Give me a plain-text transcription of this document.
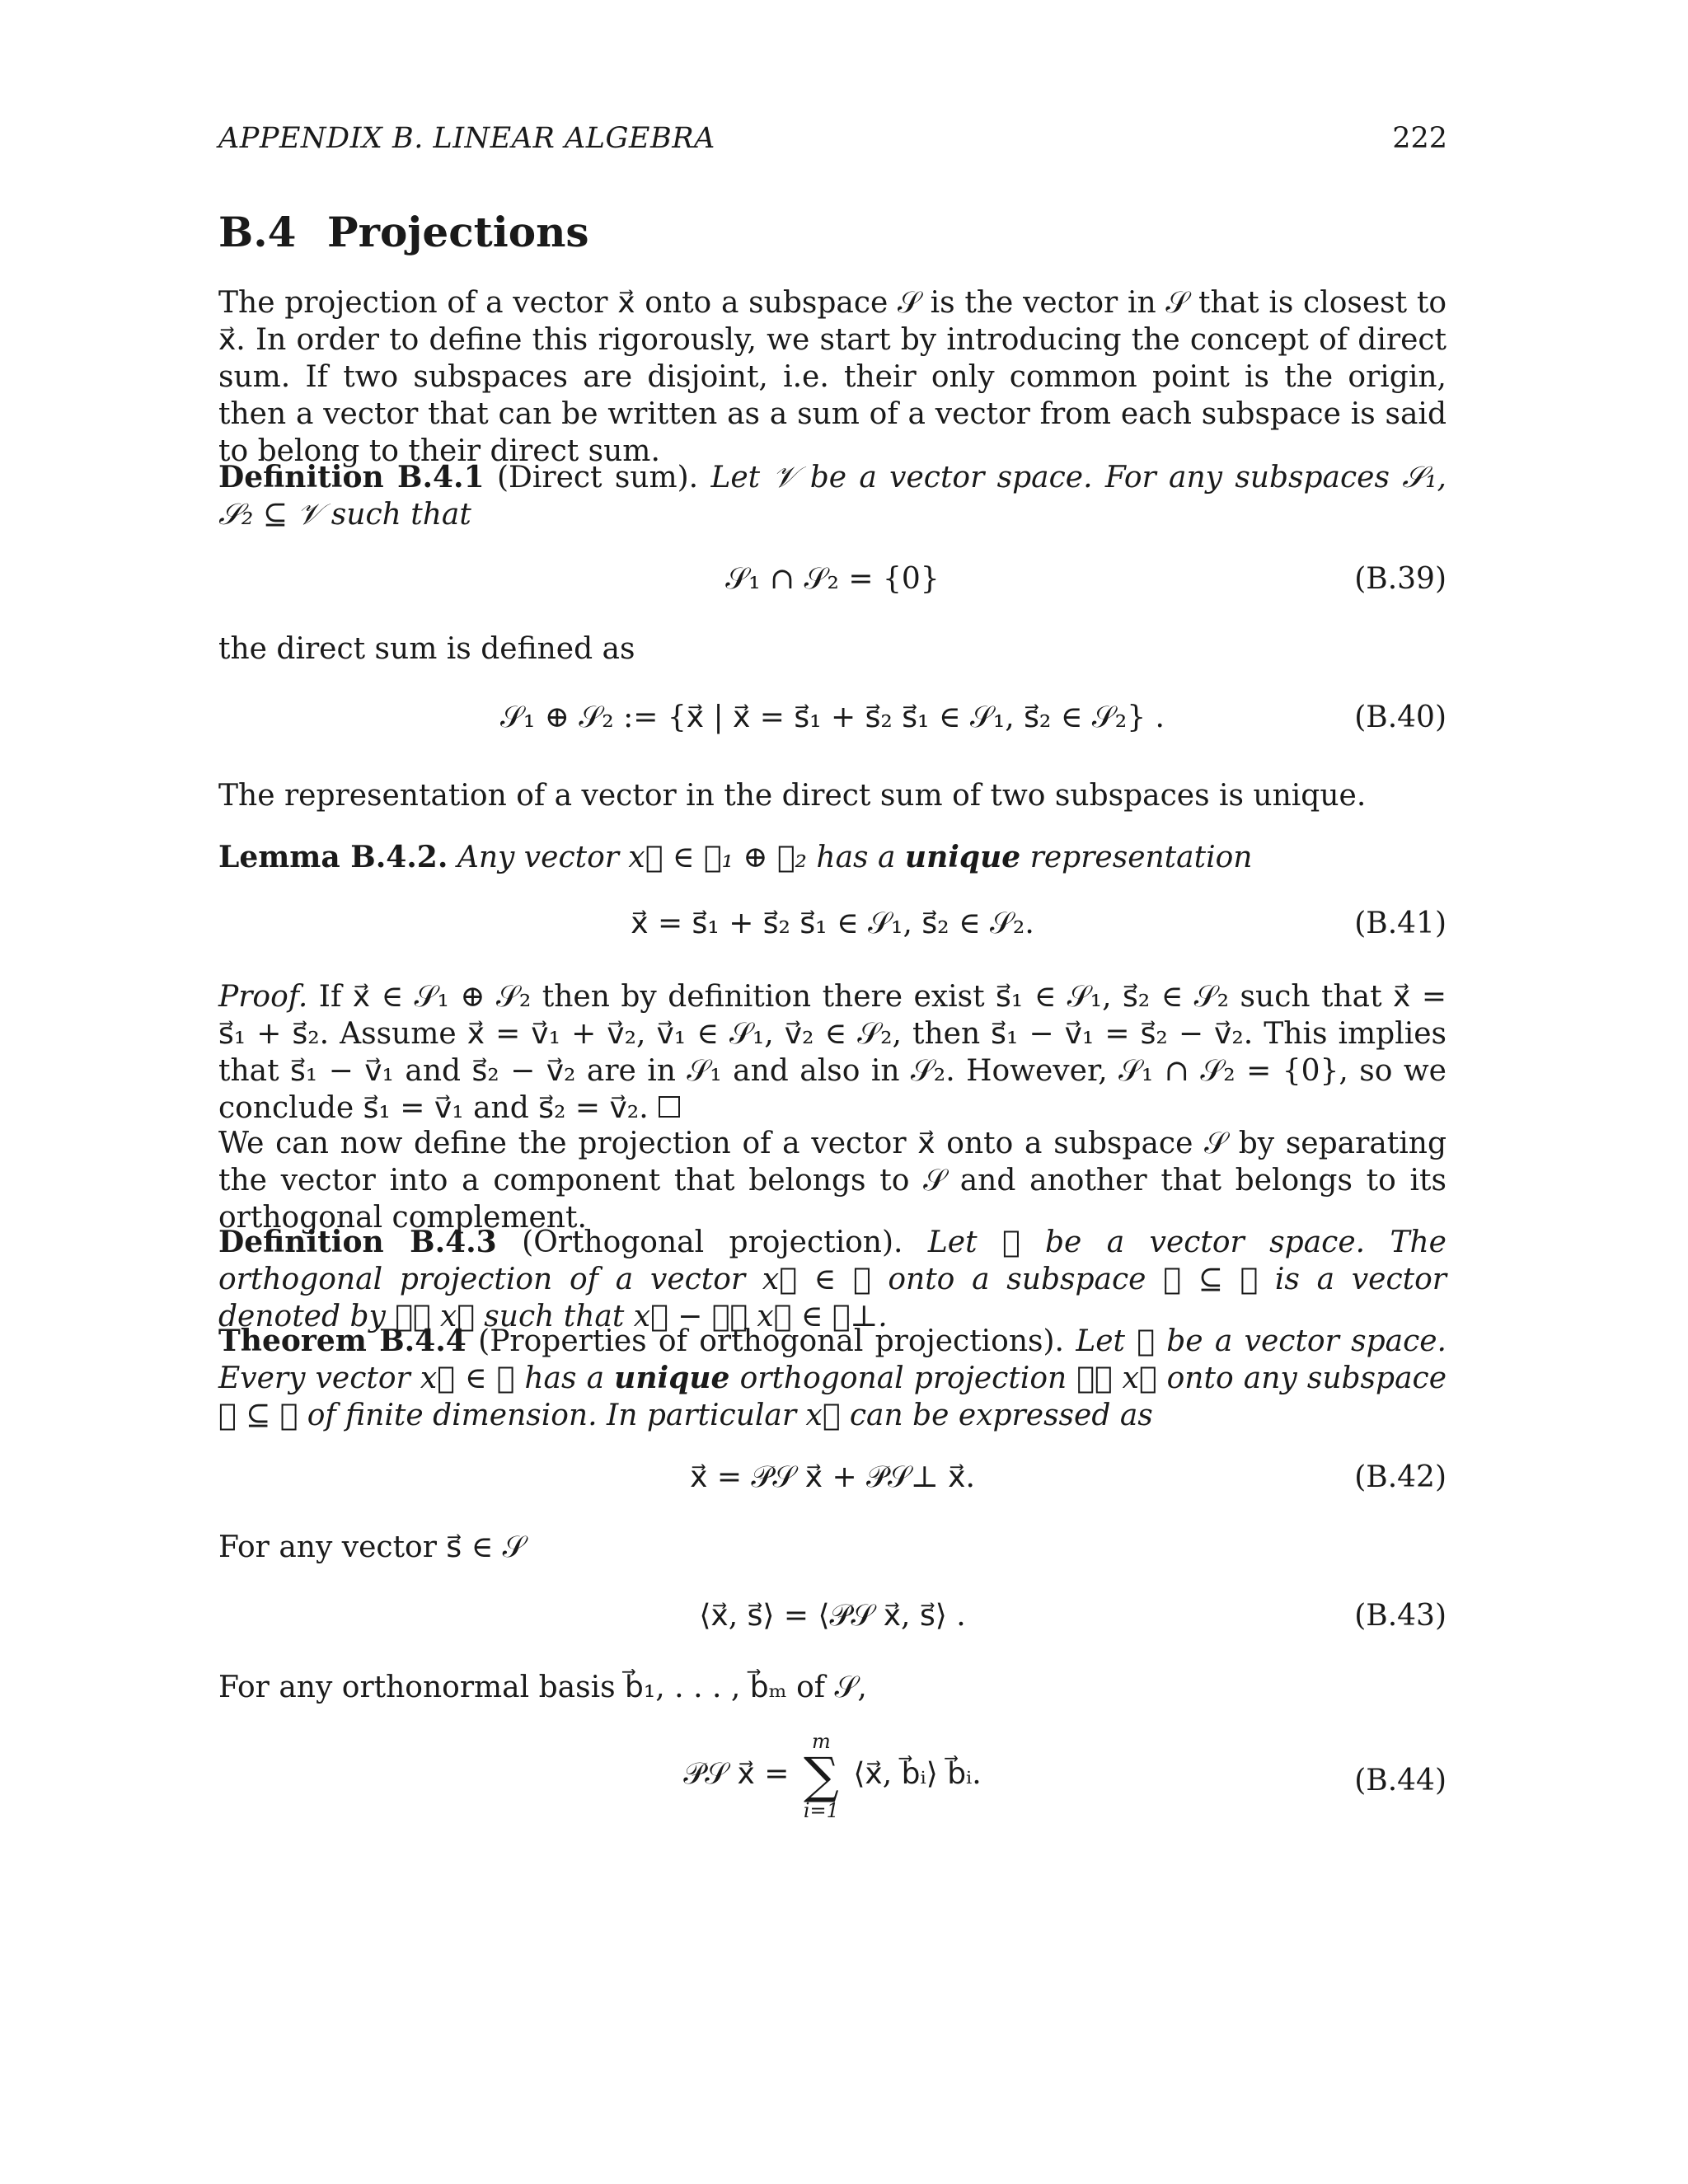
APPENDIX B. LINEAR ALGEBRA	222
B.4 Projections
The projection of a vector x⃗ onto a subspace 𝒮 is the vector in 𝒮 that is closest to x⃗. In order to define this rigorously, we start by introducing the concept of direct sum. If two subspaces are disjoint, i.e. their only common point is the origin, then a vector that can be written as a sum of a vector from each subspace is said to belong to their direct sum.
Definition B.4.1 (Direct sum). Let 𝒱 be a vector space. For any subspaces 𝒮₁, 𝒮₂ ⊆ 𝒱 such that
𝒮₁ ∩ 𝒮₂ = {0}	(B.39)
the direct sum is defined as
𝒮₁ ⊕ 𝒮₂ := {x⃗ | x⃗ = s⃗₁ + s⃗₂ s⃗₁ ∈ 𝒮₁, s⃗₂ ∈ 𝒮₂} .	(B.40)
The representation of a vector in the direct sum of two subspaces is unique.
Lemma B.4.2. Any vector x⃗ ∈ 𝒮₁ ⊕ 𝒮₂ has a unique representation
x⃗ = s⃗₁ + s⃗₂ s⃗₁ ∈ 𝒮₁, s⃗₂ ∈ 𝒮₂.	(B.41)
Proof. If x⃗ ∈ 𝒮₁ ⊕ 𝒮₂ then by definition there exist s⃗₁ ∈ 𝒮₁, s⃗₂ ∈ 𝒮₂ such that x⃗ = s⃗₁ + s⃗₂. Assume x⃗ = v⃗₁ + v⃗₂, v⃗₁ ∈ 𝒮₁, v⃗₂ ∈ 𝒮₂, then s⃗₁ − v⃗₁ = s⃗₂ − v⃗₂. This implies that s⃗₁ − v⃗₁ and s⃗₂ − v⃗₂ are in 𝒮₁ and also in 𝒮₂. However, 𝒮₁ ∩ 𝒮₂ = {0}, so we conclude s⃗₁ = v⃗₁ and s⃗₂ = v⃗₂.
We can now define the projection of a vector x⃗ onto a subspace 𝒮 by separating the vector into a component that belongs to 𝒮 and another that belongs to its orthogonal complement.
Definition B.4.3 (Orthogonal projection). Let 𝒱 be a vector space. The orthogonal projection of a vector x⃗ ∈ 𝒱 onto a subspace 𝒮 ⊆ 𝒱 is a vector denoted by 𝒫𝒮 x⃗ such that x⃗ − 𝒫𝒮 x⃗ ∈ 𝒮⊥.
Theorem B.4.4 (Properties of orthogonal projections). Let 𝒱 be a vector space. Every vector x⃗ ∈ 𝒱 has a unique orthogonal projection 𝒫𝒮 x⃗ onto any subspace 𝒮 ⊆ 𝒱 of finite dimension. In particular x⃗ can be expressed as
x⃗ = 𝒫𝒮 x⃗ + 𝒫𝒮⊥ x⃗.	(B.42)
For any vector s⃗ ∈ 𝒮
⟨x⃗, s⃗⟩ = ⟨𝒫𝒮 x⃗, s⃗⟩ .	(B.43)
For any orthonormal basis b⃗₁, . . . , b⃗ₘ of 𝒮,
𝒫𝒮 x⃗ =
m
∑
i=1
⟨x⃗, b⃗ᵢ⟩ b⃗ᵢ.	(B.44)
